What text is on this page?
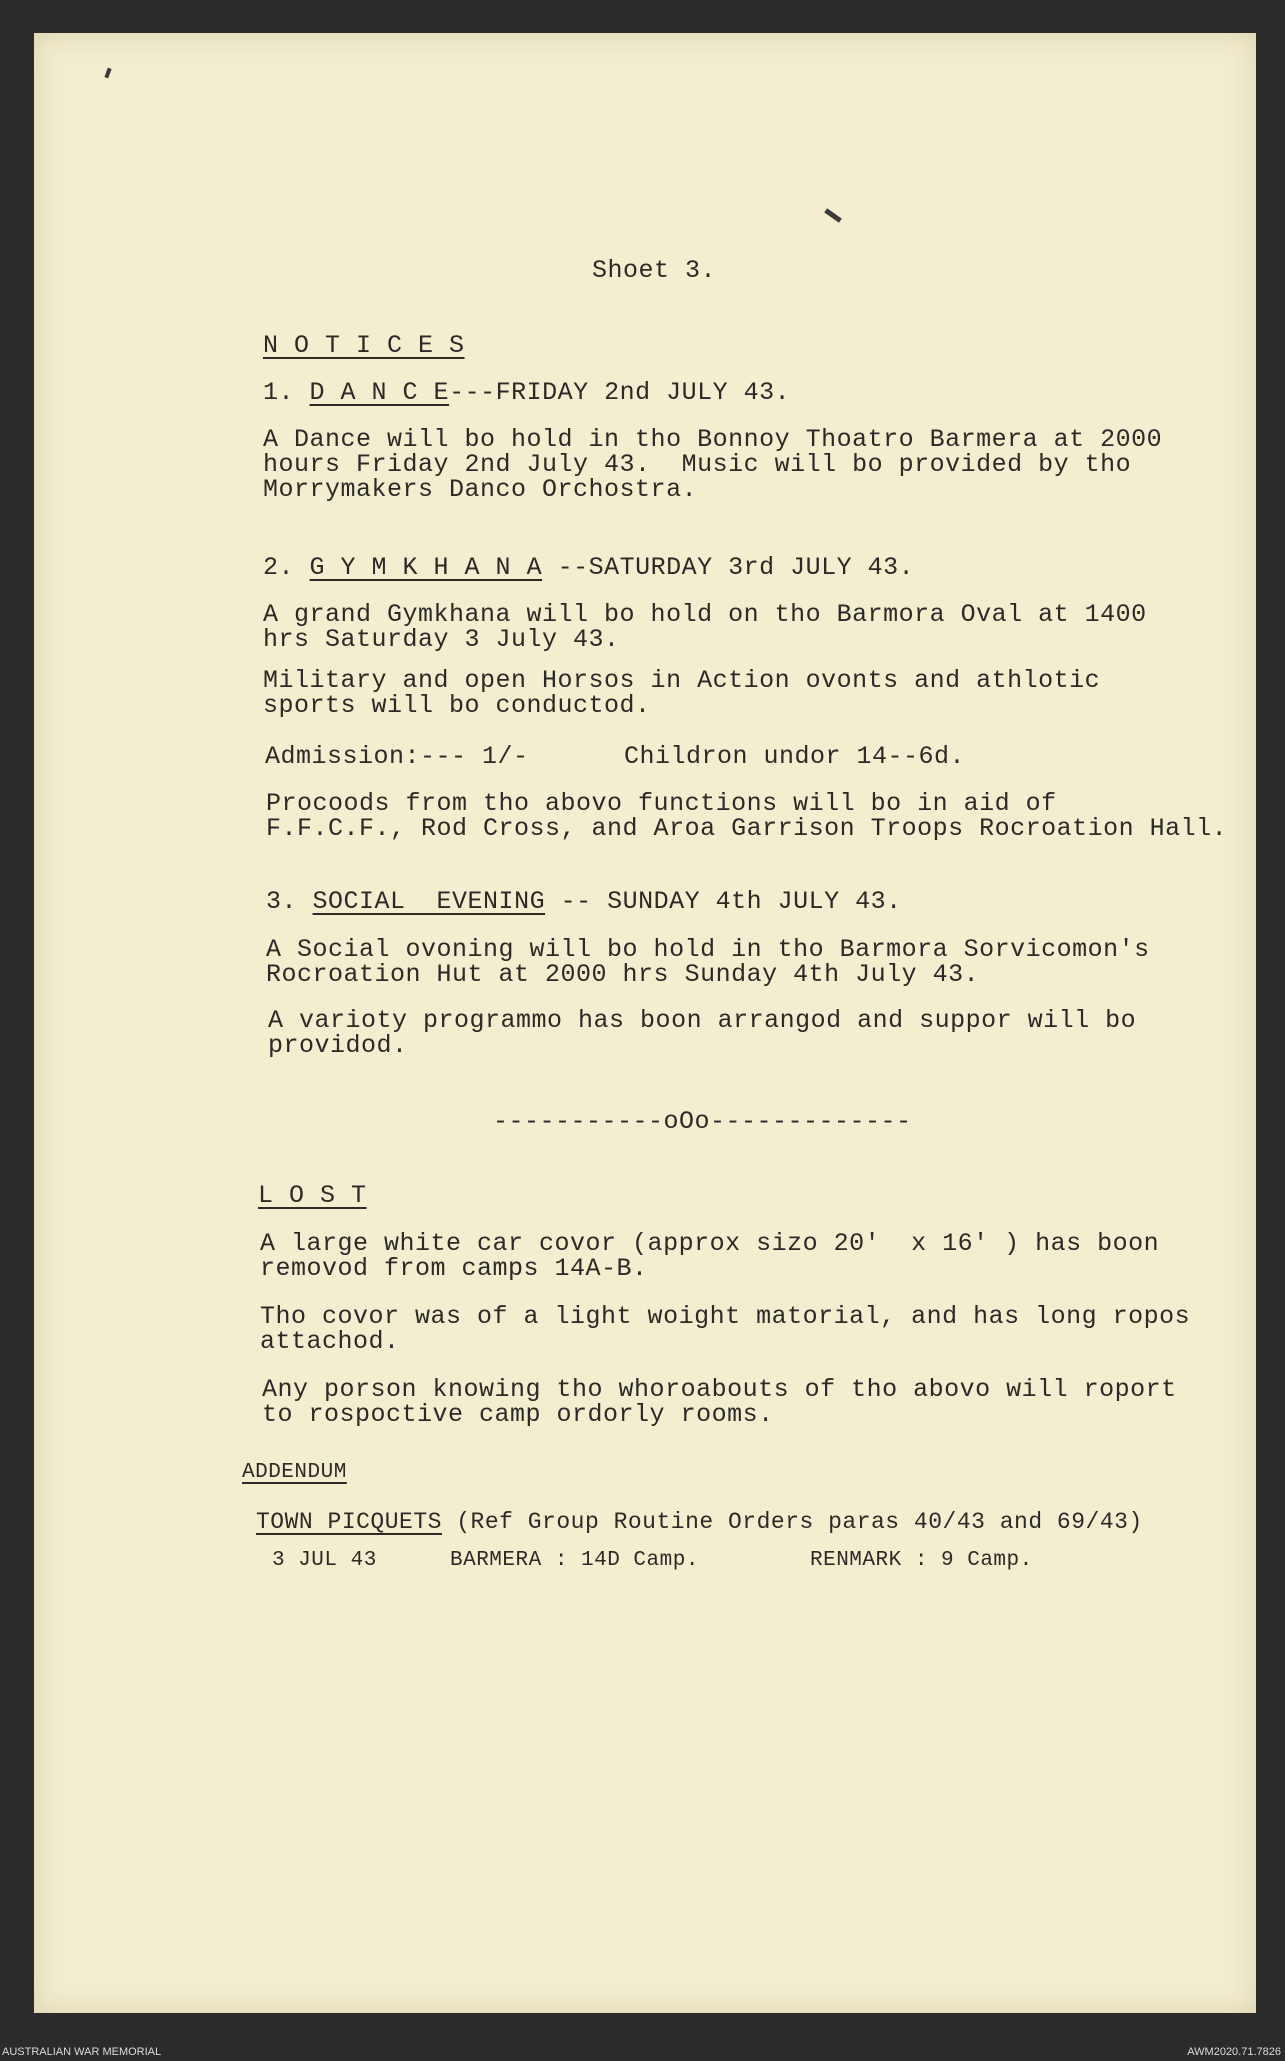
Shoet 3.
N O T I C E S
1. D A N C E---FRIDAY 2nd JULY 43.
A Dance will bo hold in tho Bonnoy Thoatro Barmera at 2000
hours Friday 2nd July 43.  Music will bo provided by tho
Morrymakers Danco Orchostra.
2. G Y M K H A N A --SATURDAY 3rd JULY 43.
A grand Gymkhana will bo hold on tho Barmora Oval at 1400
hrs Saturday 3 July 43.
Military and open Horsos in Action ovonts and athlotic
sports will bo conductod.
Admission:--- 1/-	Childron undor 14--6d.
Procoods from tho abovo functions will bo in aid of
F.F.C.F., Rod Cross, and Aroa Garrison Troops Rocroation Hall.
3. SOCIAL  EVENING -- SUNDAY 4th JULY 43.
A Social ovoning will bo hold in tho Barmora Sorvicomon's
Rocroation Hut at 2000 hrs Sunday 4th July 43.
A varioty programmo has boon arrangod and suppor will bo
providod.
-----------oOo-------------
L O S T
A large white car covor (approx sizo 20'  x 16' ) has boon
removod from camps 14A-B.
Tho covor was of a light woight matorial, and has long ropos
attachod.
Any porson knowing tho whoroabouts of tho abovo will roport
to rospoctive camp ordorly rooms.
ADDENDUM
TOWN PICQUETS (Ref Group Routine Orders paras 40/43 and 69/43)
3 JUL 43	BARMERA : 14D Camp.	RENMARK : 9 Camp.
AUSTRALIAN WAR MEMORIAL	AWM2020.71.7826
